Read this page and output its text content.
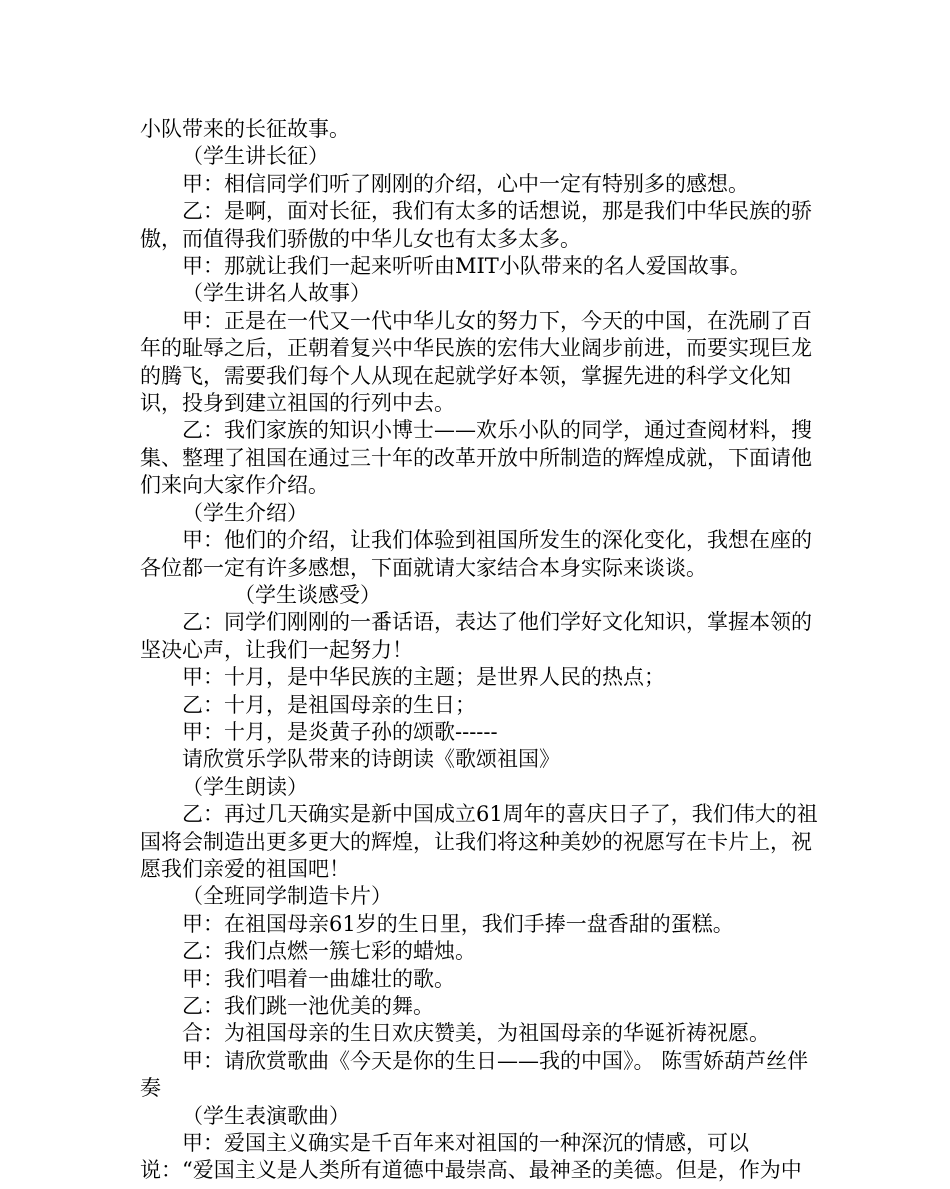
小队带来的长征故事。

（学生讲长征）

甲：相信同学们听了刚刚的介绍，心中一定有特别多的感想。

乙：是啊，面对长征，我们有太多的话想说，那是我们中华民族的骄傲，而值得我们骄傲的中华儿女也有太多太多。

甲：那就让我们一起来听听由MIT小队带来的名人爱国故事。

（学生讲名人故事）

甲：正是在一代又一代中华儿女的努力下，今天的中国，在洗刷了百年的耻辱之后，正朝着复兴中华民族的宏伟大业阔步前进，而要实现巨龙的腾飞，需要我们每个人从现在起就学好本领，掌握先进的科学文化知识，投身到建立祖国的行列中去。

乙：我们家族的知识小博士——欢乐小队的同学，通过查阅材料，搜集、整理了祖国在通过三十年的改革开放中所制造的辉煌成就，下面请他们来向大家作介绍。

（学生介绍）

甲：他们的介绍，让我们体验到祖国所发生的深化变化，我想在座的各位都一定有许多感想，下面就请大家结合本身实际来谈谈。

（学生谈感受）

乙：同学们刚刚的一番话语，表达了他们学好文化知识，掌握本领的坚决心声，让我们一起努力！

甲：十月，是中华民族的主题；是世界人民的热点；

乙：十月，是祖国母亲的生日；

甲：十月，是炎黄子孙的颂歌------

请欣赏乐学队带来的诗朗读《歌颂祖国》

（学生朗读）

乙：再过几天确实是新中国成立61周年的喜庆日子了，我们伟大的祖国将会制造出更多更大的辉煌，让我们将这种美妙的祝愿写在卡片上，祝愿我们亲爱的祖国吧！

（全班同学制造卡片）

甲：在祖国母亲61岁的生日里，我们手捧一盘香甜的蛋糕。

乙：我们点燃一簇七彩的蜡烛。

甲：我们唱着一曲雄壮的歌。

乙：我们跳一池优美的舞。

合：为祖国母亲的生日欢庆赞美，为祖国母亲的华诞祈祷祝愿。

甲：请欣赏歌曲《今天是你的生日——我的中国》。 陈雪娇葫芦丝伴奏

（学生表演歌曲）

甲：爱国主义确实是千百年来对祖国的一种深沉的情感，可以说：“爱国主义是人类所有道德中最崇高、最神圣的美德。但是，作为中
